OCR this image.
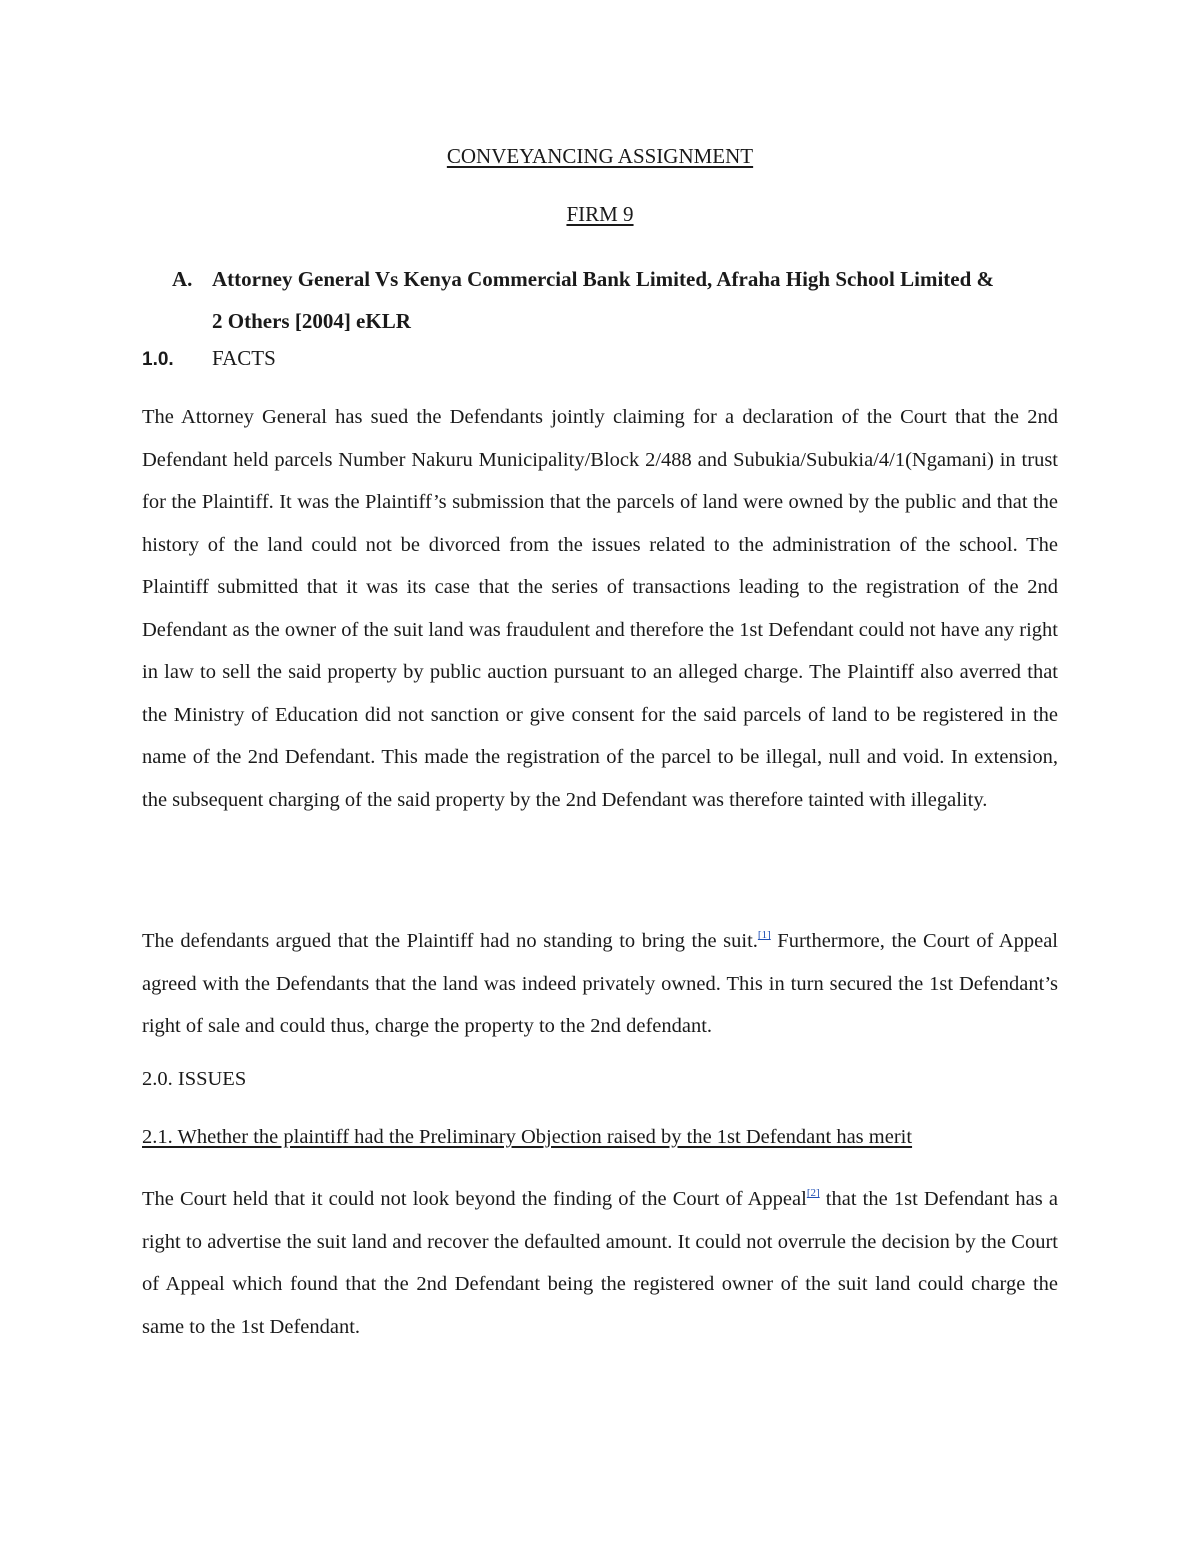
CONVEYANCING ASSIGNMENT
FIRM 9
A. Attorney General Vs Kenya Commercial Bank Limited, Afraha High School Limited &
2 Others [2004] eKLR
1.0. FACTS

The Attorney General has sued the Defendants jointly claiming for a declaration of the Court that the 2nd Defendant held parcels Number Nakuru Municipality/Block 2/488 and Subukia/Subukia/4/1(Ngamani) in trust for the Plaintiff. It was the Plaintiff’s submission that the parcels of land were owned by the public and that the history of the land could not be divorced from the issues related to the administration of the school. The Plaintiff submitted that it was its case that the series of transactions leading to the registration of the 2nd Defendant as the owner of the suit land was fraudulent and therefore the 1st Defendant could not have any right in law to sell the said property by public auction pursuant to an alleged charge. The Plaintiff also averred that the Ministry of Education did not sanction or give consent for the said parcels of land to be registered in the name of the 2nd Defendant. This made the registration of the parcel to be illegal, null and void. In extension, the subsequent charging of the said property by the 2nd Defendant was therefore tainted with illegality.

The defendants argued that the Plaintiff had no standing to bring the suit.[1] Furthermore, the Court of Appeal agreed with the Defendants that the land was indeed privately owned. This in turn secured the 1st Defendant’s right of sale and could thus, charge the property to the 2nd defendant.

2.0. ISSUES
2.1. Whether the plaintiff had the Preliminary Objection raised by the 1st Defendant has merit

The Court held that it could not look beyond the finding of the Court of Appeal[2] that the 1st Defendant has a right to advertise the suit land and recover the defaulted amount. It could not overrule the decision by the Court of Appeal which found that the 2nd Defendant being the registered owner of the suit land could charge the same to the 1st Defendant.
